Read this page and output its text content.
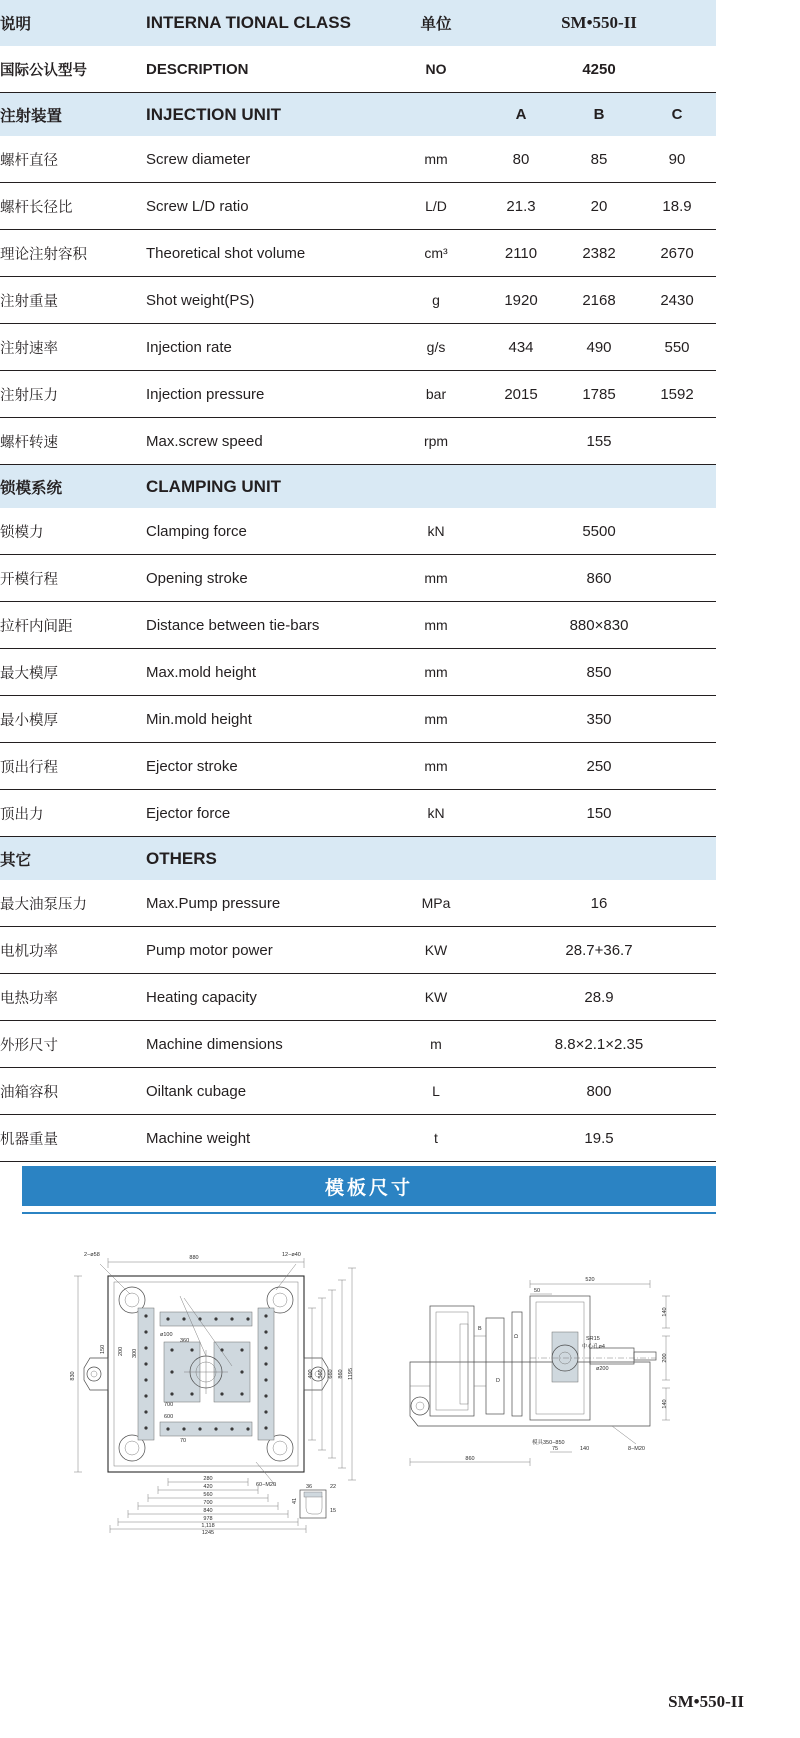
说明	INTERNA TIONAL CLASS	单位	SM•550-II		
国际公认型号	DESCRIPTION	NO	4250		
注射装置	INJECTION UNIT		A	B	C
螺杆直径	Screw diameter	mm	80	85	90
螺杆长径比	Screw L/D ratio	L/D	21.3	20	18.9
理论注射容积	Theoretical shot volume	cm³	2110	2382	2670
注射重量	Shot weight(PS)	g	1920	2168	2430
注射速率	Injection rate	g/s	434	490	550
注射压力	Injection pressure	bar	2015	1785	1592
螺杆转速	Max.screw speed	rpm	155		
锁模系统	CLAMPING UNIT				
锁模力	Clamping force	kN	5500		
开模行程	Opening stroke	mm	860		
拉杆内间距	Distance between tie-bars	mm	880×830		
最大模厚	Max.mold height	mm	850		
最小模厚	Min.mold height	mm	350		
顶出行程	Ejector stroke	mm	250		
顶出力	Ejector force	kN	150		
其它	OTHERS				
最大油泵压力	Max.Pump pressure	MPa	16		
电机功率	Pump motor power	KW	28.7+36.7		
电热功率	Heating capacity	KW	28.9		
外形尺寸	Machine dimensions	m	8.8×2.1×2.35		
油箱容积	Oiltank cubage	L	800		
机器重量	Machine weight	t	19.5		
模板尺寸
880
2−ø58	12−ø40
830
150 200 300
ø100
360
700
600
70
400 560 660 860 1195
280
420
560
700
840
978
1,118
1245
60−M20	36	22
41
15
B
D
D
SR15
中心孔ø4
ø200
520
50
140
200
140
860
75	140
模具350−850
8−M20
SM•550-II
